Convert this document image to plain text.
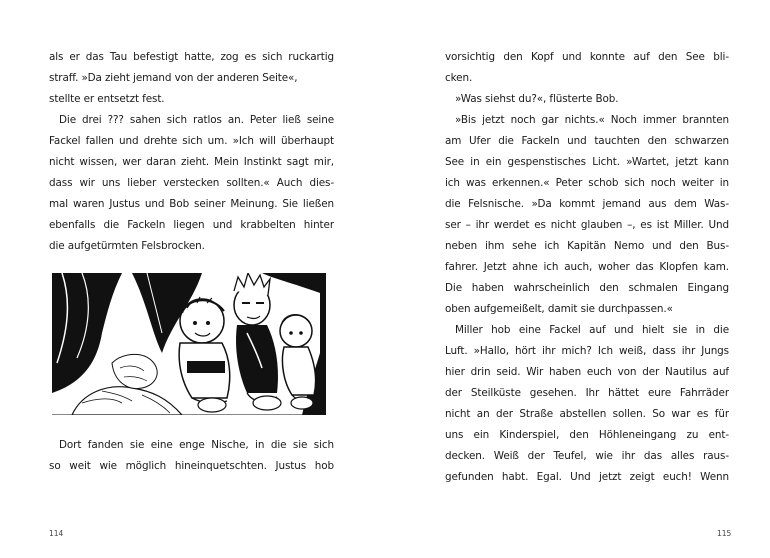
als er das Tau befestigt hatte, zog es sich ruckartig
straff. »Da zieht jemand von der anderen Seite«,
stellte er entsetzt fest.
Die drei ??? sahen sich ratlos an. Peter ließ seine
Fackel fallen und drehte sich um. »Ich will überhaupt
nicht wissen, wer daran zieht. Mein Instinkt sagt mir,
dass wir uns lieber verstecken sollten.« Auch dies-
mal waren Justus und Bob seiner Meinung. Sie ließen
ebenfalls die Fackeln liegen und krabbelten hinter
die aufgetürmten Felsbrocken.
Dort fanden sie eine enge Nische, in die sie sich
so weit wie möglich hineinquetschten. Justus hob
114
vorsichtig den Kopf und konnte auf den See bli-
cken.
»Was siehst du?«, flüsterte Bob.
»Bis jetzt noch gar nichts.« Noch immer brannten
am Ufer die Fackeln und tauchten den schwarzen
See in ein gespenstisches Licht. »Wartet, jetzt kann
ich was erkennen.« Peter schob sich noch weiter in
die Felsnische. »Da kommt jemand aus dem Was-
ser – ihr werdet es nicht glauben –, es ist Miller. Und
neben ihm sehe ich Kapitän Nemo und den Bus-
fahrer. Jetzt ahne ich auch, woher das Klopfen kam.
Die haben wahrscheinlich den schmalen Eingang
oben aufgemeißelt, damit sie durchpassen.«
Miller hob eine Fackel auf und hielt sie in die
Luft. »Hallo, hört ihr mich? Ich weiß, dass ihr Jungs
hier drin seid. Wir haben euch von der Nautilus auf
der Steilküste gesehen. Ihr hättet eure Fahrräder
nicht an der Straße abstellen sollen. So war es für
uns ein Kinderspiel, den Höhleneingang zu ent-
decken. Weiß der Teufel, wie ihr das alles raus-
gefunden habt. Egal. Und jetzt zeigt euch! Wenn
115
